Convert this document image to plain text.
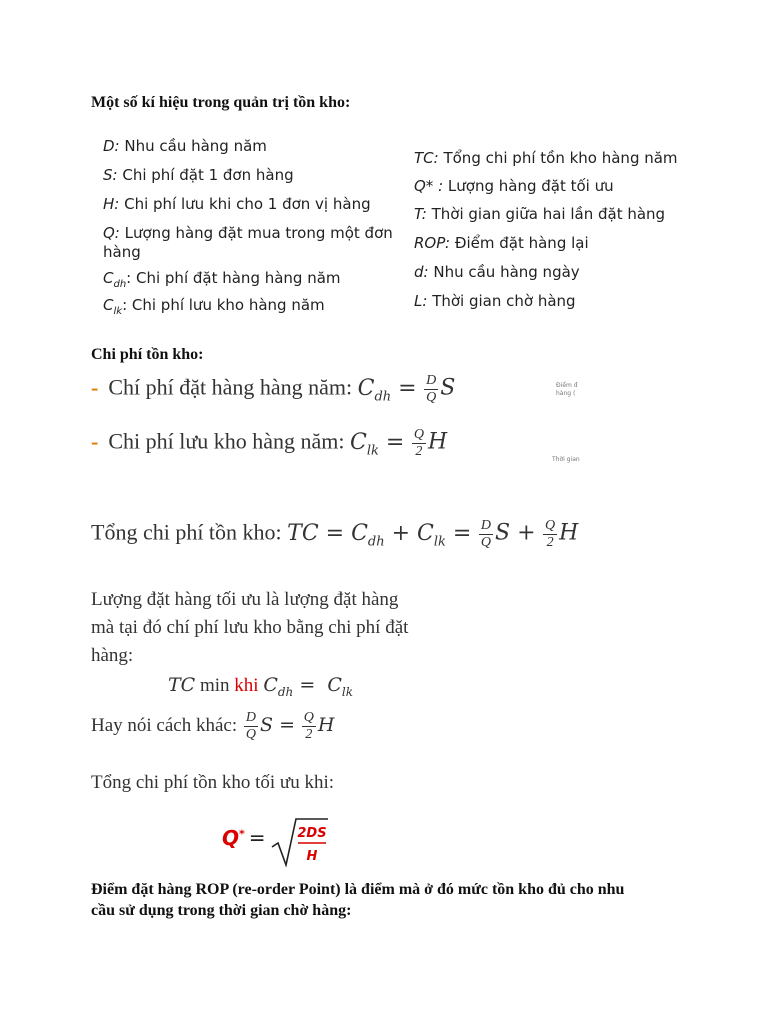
Một số kí hiệu trong quản trị tồn kho:
D: Nhu cầu hàng năm
S: Chi phí đặt 1 đơn hàng
H: Chi phí lưu khi cho 1 đơn vị hàng
Q: Lượng hàng đặt mua trong một đơn
hàng
$C_{dh}$: Chi phí đặt hàng hàng năm
$C_{lk}$: Chi phí lưu kho hàng năm
TC: Tổng chi phí tồn kho hàng năm
Q* : Lượng hàng đặt tối ưu
T: Thời gian giữa hai lần đặt hàng
ROP: Điểm đặt hàng lại
d: Nhu cầu hàng ngày
L: Thời gian chờ hàng
Chi phí tồn kho:
- Chí phí đặt hàng hàng năm: $C_{dh} = \frac{D}{Q}$ S
- Chi phí lưu kho hàng năm: $C_{lk} = \frac{Q}{2}$ H
Điểm đ
hàng (
Thời gian
Tổng chi phí tồn kho: TC = $C_{dh} + C_{lk} = \frac{D}{Q}$ $S + \frac{Q}{2}$ H
Lượng đặt hàng tối ưu là lượng đặt hàng
mà tại đó chí phí lưu kho bằng chi phí đặt
hàng:
TC min khi $C_{dh} = C_{lk}$
Hay nói cách khác: $\frac{D}{Q}$ $S = \frac{Q}{2}$ H
Tổng chi phí tồn kho tối ưu khi:
Q* = 2DS
H
Điểm đặt hàng ROP (re-order Point) là điểm mà ở đó mức tồn kho đủ cho nhu
cầu sử dụng trong thời gian chờ hàng:
